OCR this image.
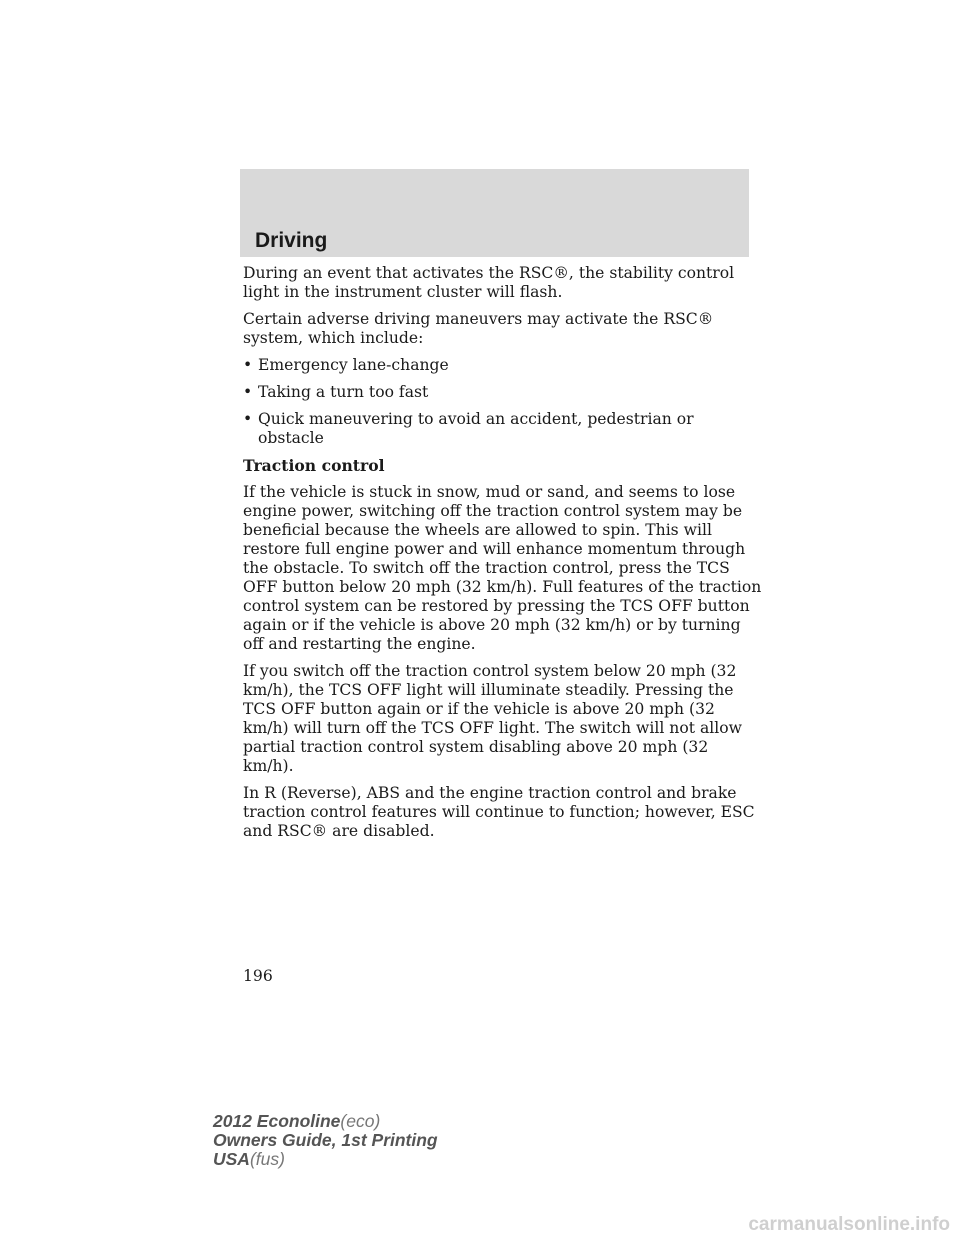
Driving

During an event that activates the RSC®, the stability control light in the instrument cluster will flash.

Certain adverse driving maneuvers may activate the RSC® system, which include:

• Emergency lane-change
• Taking a turn too fast
• Quick maneuvering to avoid an accident, pedestrian or obstacle
Traction control

If the vehicle is stuck in snow, mud or sand, and seems to lose engine power, switching off the traction control system may be beneficial because the wheels are allowed to spin. This will restore full engine power and will enhance momentum through the obstacle. To switch off the traction control, press the TCS OFF button below 20 mph (32 km/h). Full features of the traction control system can be restored by pressing the TCS OFF button again or if the vehicle is above 20 mph (32 km/h) or by turning off and restarting the engine.

If you switch off the traction control system below 20 mph (32 km/h), the TCS OFF light will illuminate steadily. Pressing the TCS OFF button again or if the vehicle is above 20 mph (32 km/h) will turn off the TCS OFF light. The switch will not allow partial traction control system disabling above 20 mph (32 km/h).

In R (Reverse), ABS and the engine traction control and brake traction control features will continue to function; however, ESC and RSC® are disabled.

196
2012 Econoline(eco)
Owners Guide, 1st Printing
USA(fus)
carmanualsonline.info
